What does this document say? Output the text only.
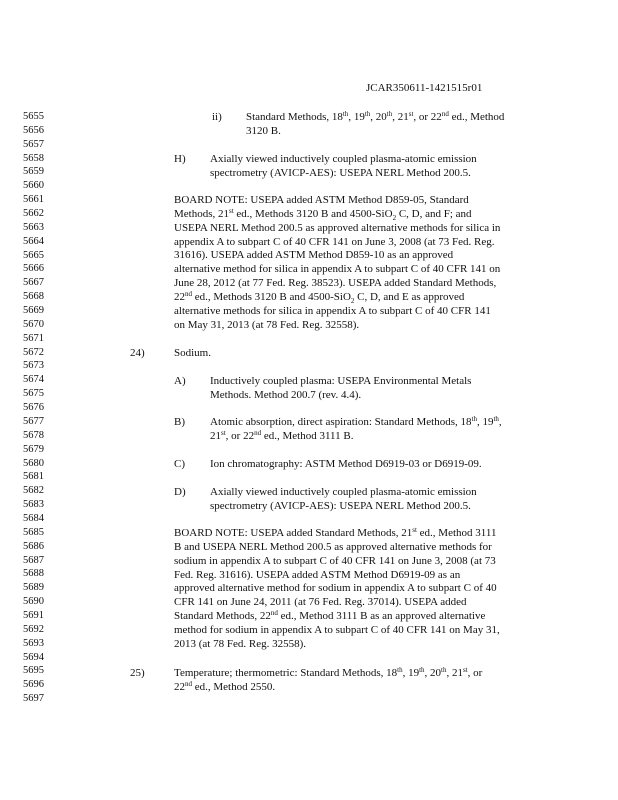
JCAR350611-1421515r01
5655
5656
5657
5658
5659
5660
5661
5662
5663
5664
5665
5666
5667
5668
5669
5670
5671
5672
5673
5674
5675
5676
5677
5678
5679
5680
5681
5682
5683
5684
5685
5686
5687
5688
5689
5690
5691
5692
5693
5694
5695
5696
5697
ii) Standard Methods, 18th, 19th, 20th, 21st, or 22nd ed., Method
3120 B.
H) Axially viewed inductively coupled plasma-atomic emission
spectrometry (AVICP-AES): USEPA NERL Method 200.5.
BOARD NOTE: USEPA added ASTM Method D859-05, Standard
Methods, 21st ed., Methods 3120 B and 4500-SiO$_2$ C, D, and F; and
USEPA NERL Method 200.5 as approved alternative methods for silica in
appendix A to subpart C of 40 CFR 141 on June 3, 2008 (at 73 Fed. Reg.
31616). USEPA added ASTM Method D859-10 as an approved
alternative method for silica in appendix A to subpart C of 40 CFR 141 on
June 28, 2012 (at 77 Fed. Reg. 38523). USEPA added Standard Methods,
22nd ed., Methods 3120 B and 4500-SiO$_2$ C, D, and E as approved
alternative methods for silica in appendix A to subpart C of 40 CFR 141
on May 31, 2013 (at 78 Fed. Reg. 32558).
24)	Sodium.
A) Inductively coupled plasma: USEPA Environmental Metals
Methods. Method 200.7 (rev. 4.4).
B) Atomic absorption, direct aspiration: Standard Methods, 18th, 19th,
21st, or 22nd ed., Method 3111 B.
C) Ion chromatography: ASTM Method D6919-03 or D6919-09.
D) Axially viewed inductively coupled plasma-atomic emission
spectrometry (AVICP-AES): USEPA NERL Method 200.5.
BOARD NOTE: USEPA added Standard Methods, 21st ed., Method 3111
B and USEPA NERL Method 200.5 as approved alternative methods for
sodium in appendix A to subpart C of 40 CFR 141 on June 3, 2008 (at 73
Fed. Reg. 31616). USEPA added ASTM Method D6919-09 as an
approved alternative method for sodium in appendix A to subpart C of 40
CFR 141 on June 24, 2011 (at 76 Fed. Reg. 37014). USEPA added
Standard Methods, 22nd ed., Method 3111 B as an approved alternative
method for sodium in appendix A to subpart C of 40 CFR 141 on May 31,
2013 (at 78 Fed. Reg. 32558).
25)	Temperature; thermometric: Standard Methods, 18th, 19th, 20th, 21st, or
22nd ed., Method 2550.
